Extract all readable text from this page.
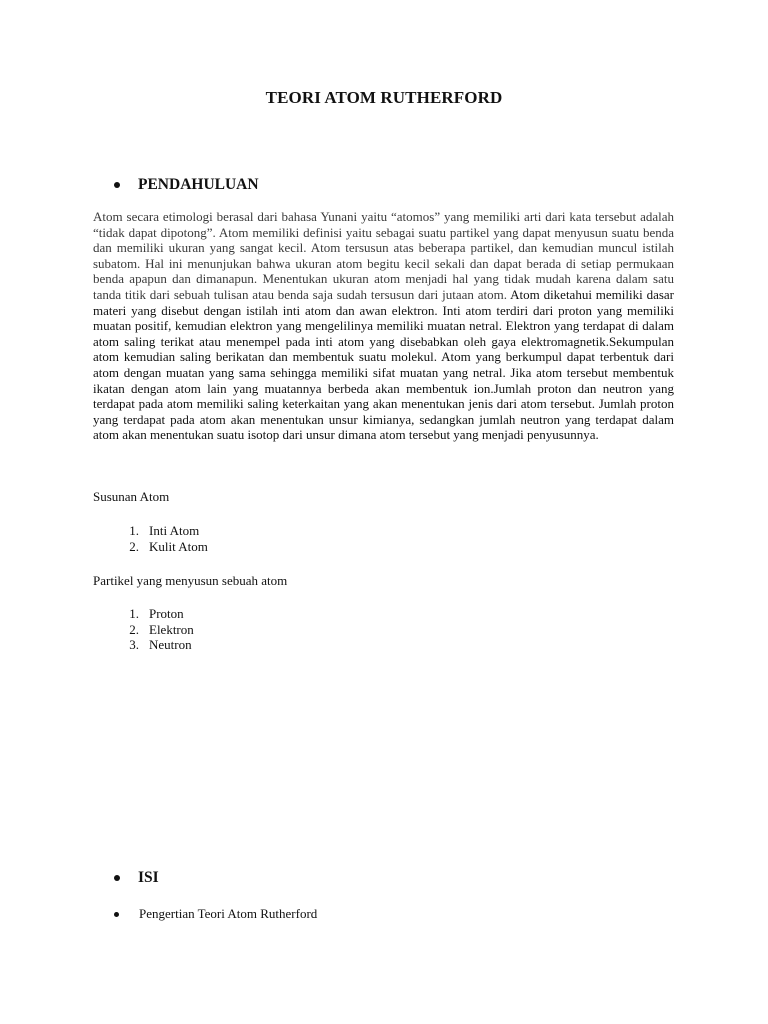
TEORI ATOM RUTHERFORD
PENDAHULUAN
Atom secara etimologi berasal dari bahasa Yunani yaitu “atomos” yang memiliki arti dari kata tersebut adalah “tidak dapat dipotong”. Atom memiliki definisi yaitu sebagai suatu partikel yang dapat menyusun suatu benda dan memiliki ukuran yang sangat kecil. Atom tersusun atas beberapa partikel, dan kemudian muncul istilah subatom. Hal ini menunjukan bahwa ukuran atom begitu kecil sekali dan dapat berada di setiap permukaan benda apapun dan dimanapun. Menentukan ukuran atom menjadi hal yang tidak mudah karena dalam satu tanda titik dari sebuah tulisan atau benda saja sudah tersusun dari jutaan atom. Atom diketahui memiliki dasar materi yang disebut dengan istilah inti atom dan awan elektron. Inti atom terdiri dari proton yang memiliki muatan positif, kemudian elektron yang mengelilinya memiliki muatan netral. Elektron yang terdapat di dalam atom saling terikat atau menempel pada inti atom yang disebabkan oleh gaya elektromagnetik.Sekumpulan atom kemudian saling berikatan dan membentuk suatu molekul. Atom yang berkumpul dapat terbentuk dari atom dengan muatan yang sama sehingga memiliki sifat muatan yang netral. Jika atom tersebut membentuk ikatan dengan atom lain yang muatannya berbeda akan membentuk ion.Jumlah proton dan neutron yang terdapat pada atom memiliki saling keterkaitan yang akan menentukan jenis dari atom tersebut. Jumlah proton yang terdapat pada atom akan menentukan unsur kimianya, sedangkan jumlah neutron yang terdapat dalam atom akan menentukan suatu isotop dari unsur dimana atom tersebut yang menjadi penyusunnya.
Susunan Atom
1. Inti Atom
2. Kulit Atom
Partikel yang menyusun sebuah atom
1. Proton
2. Elektron
3. Neutron
ISI
Pengertian Teori Atom Rutherford
